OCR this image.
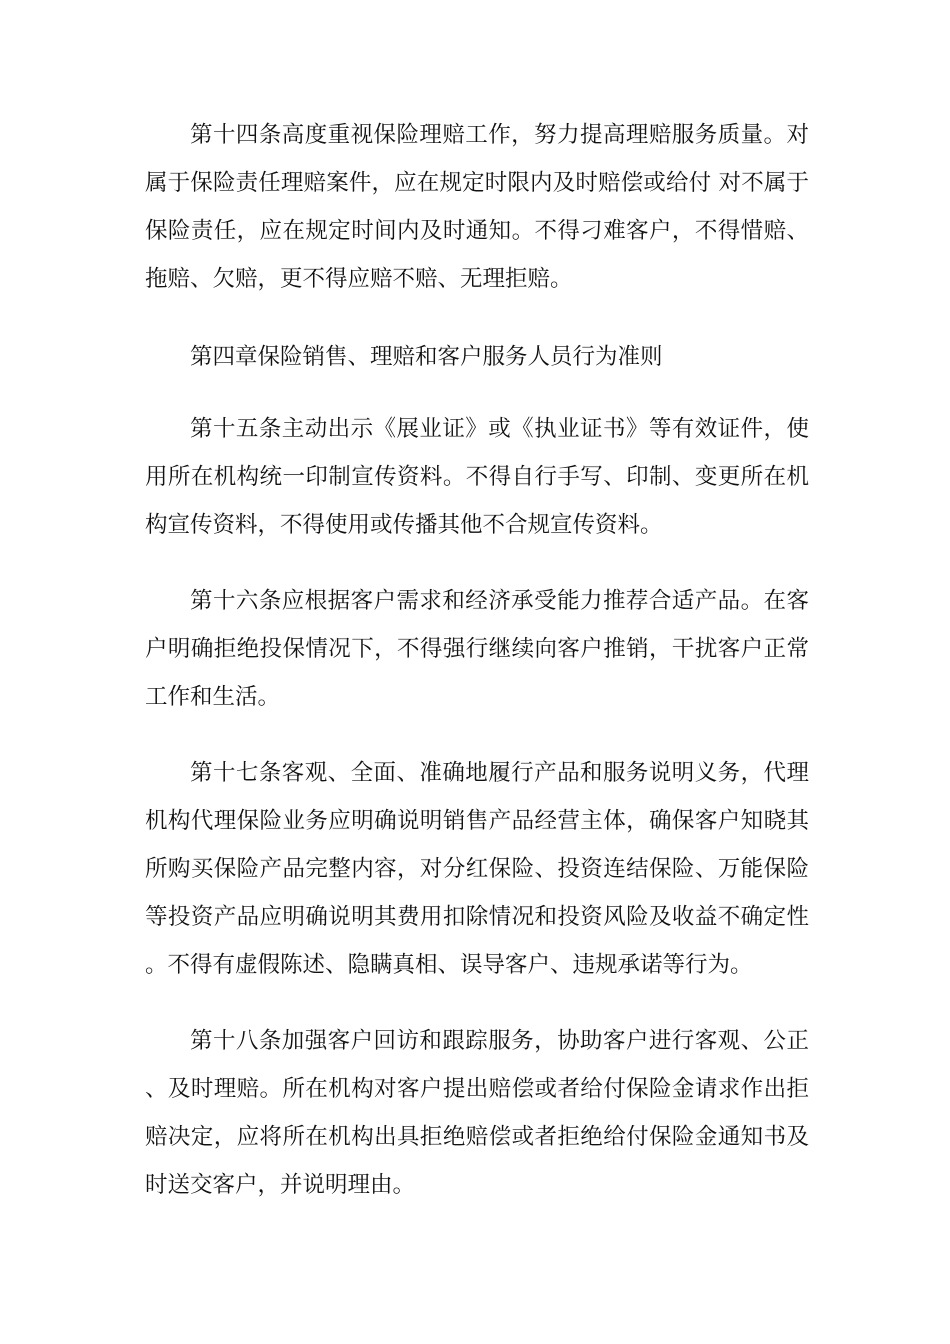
第十四条高度重视保险理赔工作，努力提高理赔服务质量。对属于保险责任理赔案件，应在规定时限内及时赔偿或给付 对不属于保险责任，应在规定时间内及时通知。不得刁难客户，不得惜赔、拖赔、欠赔，更不得应赔不赔、无理拒赔。

第四章保险销售、理赔和客户服务人员行为准则

第十五条主动出示《展业证》或《执业证书》等有效证件，使用所在机构统一印制宣传资料。不得自行手写、印制、变更所在机构宣传资料，不得使用或传播其他不合规宣传资料。

第十六条应根据客户需求和经济承受能力推荐合适产品。在客户明确拒绝投保情况下，不得强行继续向客户推销，干扰客户正常工作和生活。

第十七条客观、全面、准确地履行产品和服务说明义务，代理机构代理保险业务应明确说明销售产品经营主体，确保客户知晓其所购买保险产品完整内容，对分红保险、投资连结保险、万能保险等投资产品应明确说明其费用扣除情况和投资风险及收益不确定性。不得有虚假陈述、隐瞒真相、误导客户、违规承诺等行为。

第十八条加强客户回访和跟踪服务，协助客户进行客观、公正、及时理赔。所在机构对客户提出赔偿或者给付保险金请求作出拒赔决定，应将所在机构出具拒绝赔偿或者拒绝给付保险金通知书及时送交客户，并说明理由。
